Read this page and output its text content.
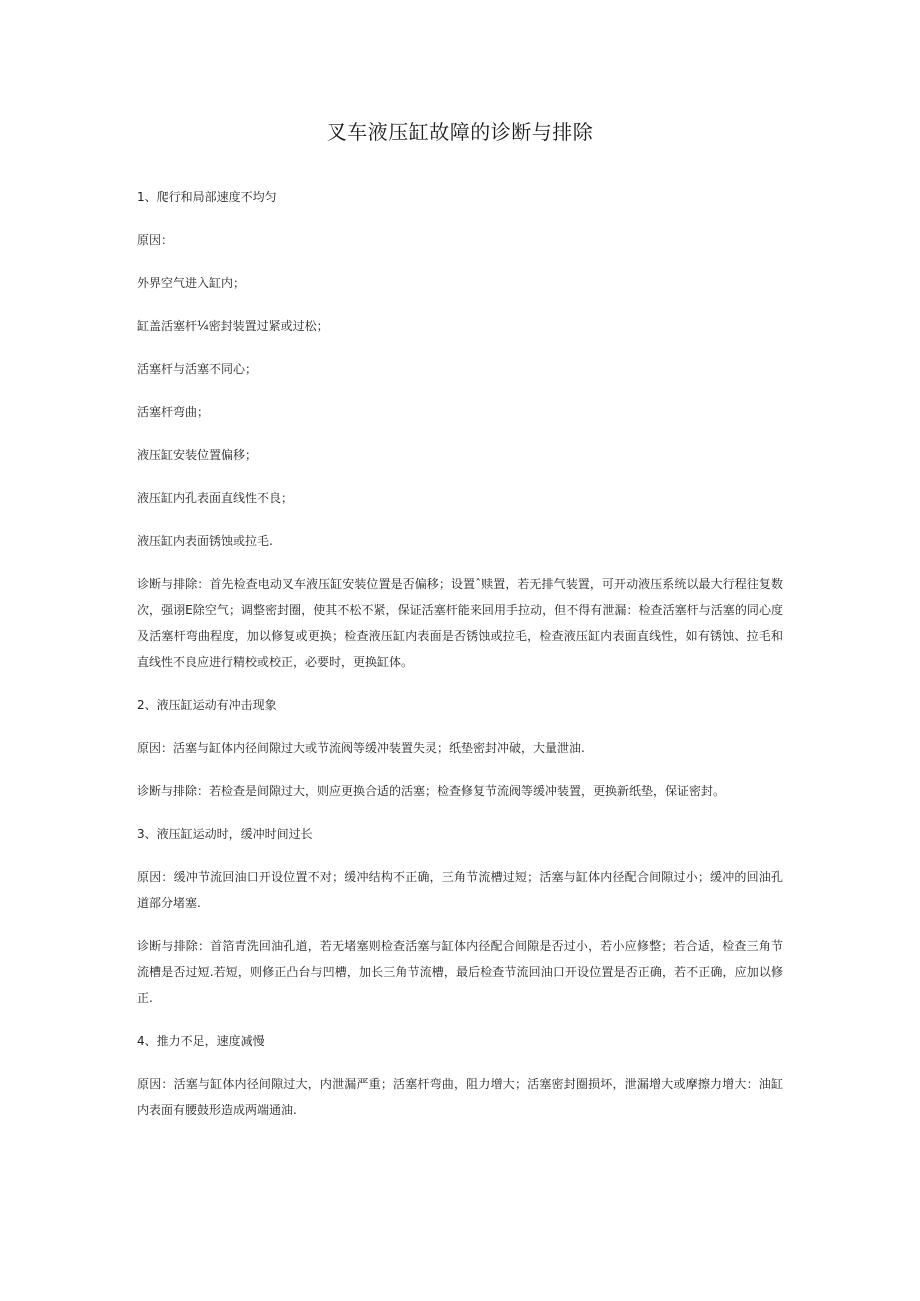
叉车液压缸故障的诊断与排除

1、爬行和局部速度不均匀

原因：

外界空气进入缸内；

缸盖活塞杆¼密封装置过紧或过松；

活塞杆与活塞不同心；

活塞杆弯曲；

液压缸安装位置偏移；

液压缸内孔表面直线性不良；

液压缸内表面锈蚀或拉毛.

诊断与排除：首先检查电动叉车液压缸安装位置是否偏移；设置ˆ赎置，若无排气装置，可开动液压系统以最大行程往复数次，强诩E除空气；调整密封圈，使其不松不紧，保证活塞杆能来回用手拉动，但不得有泄漏：检查活塞杆与活塞的同心度及活塞杆弯曲程度，加以修复或更换；检查液压缸内表面是否锈蚀或拉毛，检查液压缸内表面直线性，如有锈蚀、拉毛和直线性不良应进行精校或校正，必要时，更换缸体。

2、液压缸运动有冲击现象

原因：活塞与缸体内径间隙过大或节流阀等缓冲装置失灵；纸垫密封冲破，大量泄油.

诊断与排除：若检查是间隙过大，则应更换合适的活塞；检查修复节流阀等缓冲装置，更换新纸垫，保证密封。

3、液压缸运动时，缓冲时间过长

原因：缓冲节流回油口开设位置不对；缓冲结构不正确，三角节流槽过短；活塞与缸体内径配合间隙过小；缓冲的回油孔道部分堵塞.

诊断与排除：首箔青洗回油孔道，若无堵塞则检查活塞与缸体内径配合间隙是否过小，若小应修整；若合适，检查三角节流槽是否过短.若短，则修正凸台与凹槽，加长三角节流槽，最后检查节流回油口开设位置是否正确，若不正确，应加以修正.

4、推力不足，速度减慢

原因：活塞与缸体内径间隙过大，内泄漏严重；活塞杆弯曲，阻力增大；活塞密封圈损坏，泄漏增大或摩擦力增大：油缸内表面有腰鼓形造成两端通油.
